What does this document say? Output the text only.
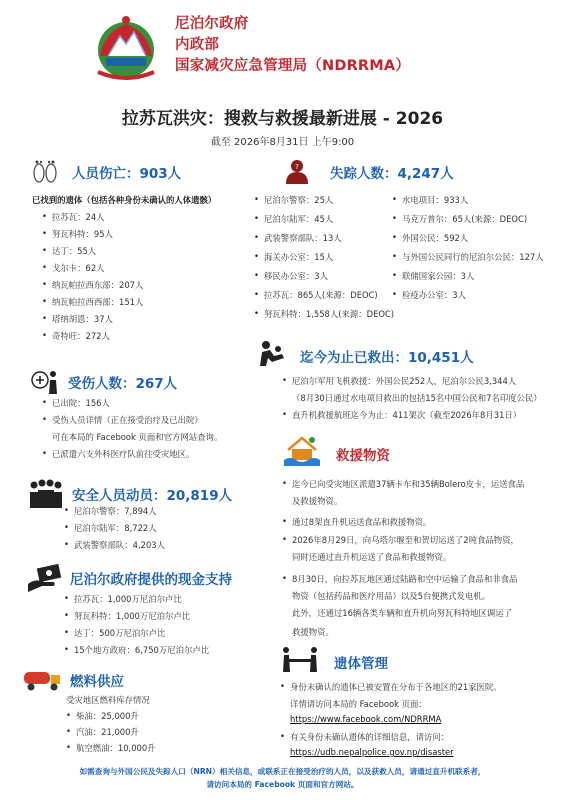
尼泊尔政府
内政部
国家减灾应急管理局（NDRRMA）
拉苏瓦洪灾：搜救与救援最新进展 - 2026
截至 2026年8月31日 上午9:00
人员伤亡：903人
已找到的遗体（包括各种身份未确认的人体遗骸）
• 拉苏瓦：24人
• 努瓦科特：95人
• 达丁：55人
• 戈尔卡：62人
• 纳瓦帕拉西东部：207人
• 纳瓦帕拉西西部：151人
• 塔纳胡恩：37人
• 奇特旺：272人
? 失踪人数：4,247人
• 尼泊尔警察：25人
• 尼泊尔陆军：45人
• 武装警察部队：13人
• 海关办公室：15人
• 移民办公室：3人
• 拉苏瓦：865人(来源：DEOC)
• 努瓦科特：1,558人(来源：DEOC)
• 水电项目：933人
• 马克万普尔：65人(来源：DEOC)
• 外国公民：592人
• 与外国公民同行的尼泊尔公民：127人
• 联储国家公园：3人
• 检疫办公室：3人
迄今为止已救出：10,451人
• 尼泊尔军用飞机救援：外国公民252人，尼泊尔公民3,344人
（8月30日通过水电项目救出的包括15名中国公民和7名印度公民）
• 直升机救援航班迄今为止：411架次（截至2026年8月31日）
受伤人数：267人
• 已出院：156人
• 受伤人员详情（正在接受治疗及已出院）
可在本局的 Facebook 页面和官方网站查询。
• 已派遣六支外科医疗队前往受灾地区。	救援物资
• 迄今已向受灾地区派遣37辆卡车和35辆Bolero皮卡，运送食品
及救援物资。
• 通过8架直升机运送食品和救援物资。
• 2026年8月29日，向乌塔尔堰至和贺切运送了2吨食品物资，
同时还通过直升机运送了食品和救援物资。
• 8月30日，向拉苏瓦地区通过陆路和空中运输了食品和非食品
物资（包括药品和医疗用品）以及5台便携式发电机。
此外，还通过16辆各类车辆和直升机向努瓦科特地区调运了
救援物资。
安全人员动员：20,819人
• 尼泊尔警察：7,894人
• 尼泊尔陆军：8,722人
• 武装警察部队：4,203人
尼泊尔政府提供的现金支持
• 拉苏瓦：1,000万尼泊尔卢比
• 努瓦科特：1,000万尼泊尔卢比
• 达丁：500万尼泊尔卢比
• 15个地方政府：6,750万尼泊尔卢比
遗体管理
• 身份未确认的遗体已被安置在分布于各地区的21家医院。
详情请访问本局的 Facebook 页面：
https://www.facebook.com/NDRRMA
• 有关身份未确认遗体的详细信息，请访问：
https://udb.nepalpolice.gov.np/disaster
燃料供应
受灾地区燃料库存情况
• 柴油：25,000升
• 汽油：21,000升
• 航空燃油：10,000升
如需查询与外国公民及失踪人口（NRN）相关信息，或联系正在接受治疗的人员，以及获救人员，请通过直升机联系者，
请访问本局的 Facebook 页面和官方网站。
